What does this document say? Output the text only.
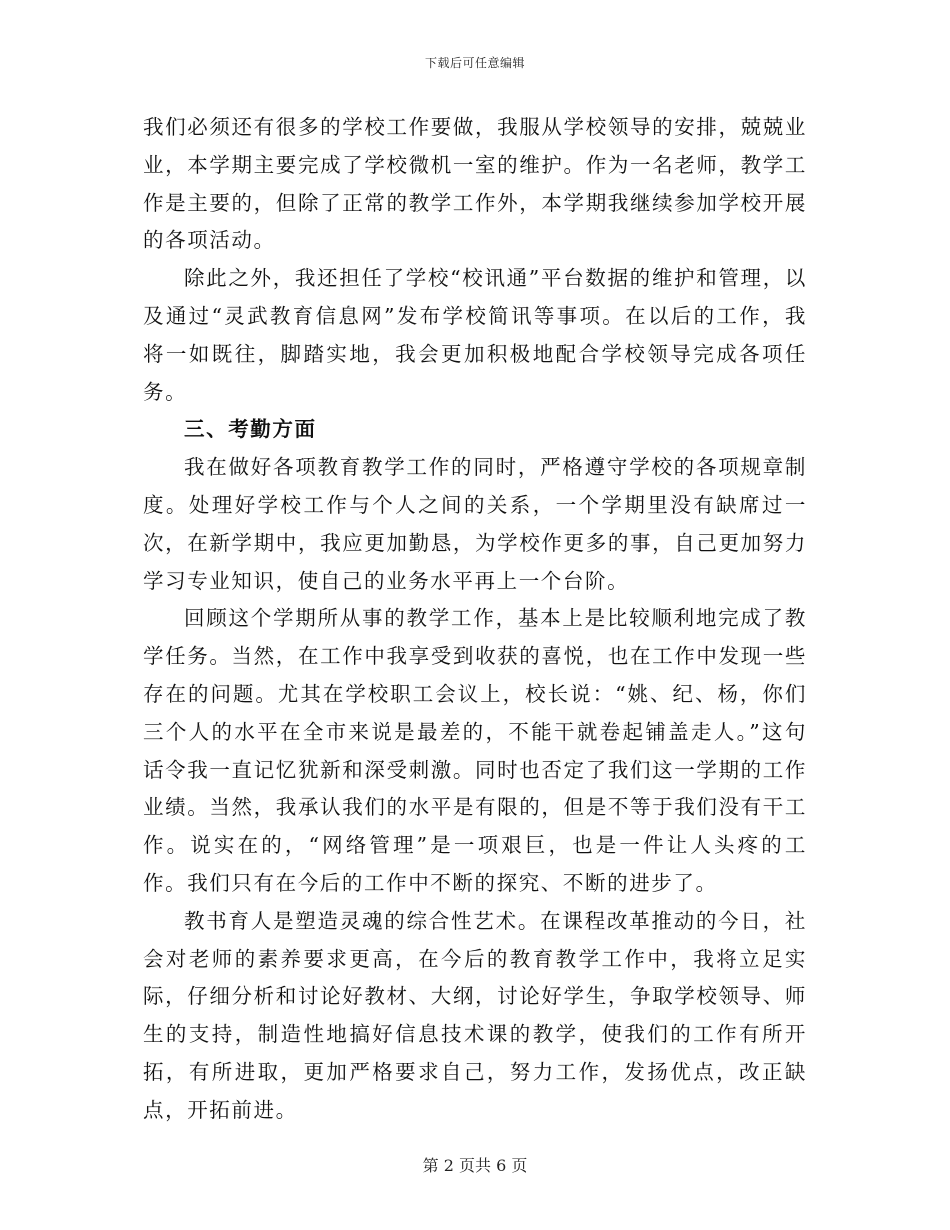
下载后可任意编辑

我们必须还有很多的学校工作要做，我服从学校领导的安排，兢兢业业，本学期主要完成了学校微机一室的维护。作为一名老师，教学工作是主要的，但除了正常的教学工作外，本学期我继续参加学校开展的各项活动。

除此之外，我还担任了学校“校讯通”平台数据的维护和管理，以及通过“灵武教育信息网”发布学校简讯等事项。在以后的工作，我将一如既往，脚踏实地，我会更加积极地配合学校领导完成各项任务。

三、考勤方面

我在做好各项教育教学工作的同时，严格遵守学校的各项规章制度。处理好学校工作与个人之间的关系，一个学期里没有缺席过一次，在新学期中，我应更加勤恳，为学校作更多的事，自己更加努力学习专业知识，使自己的业务水平再上一个台阶。

回顾这个学期所从事的教学工作，基本上是比较顺利地完成了教学任务。当然，在工作中我享受到收获的喜悦，也在工作中发现一些存在的问题。尤其在学校职工会议上，校长说：“姚、纪、杨，你们三个人的水平在全市来说是最差的，不能干就卷起铺盖走人。”这句话令我一直记忆犹新和深受刺激。同时也否定了我们这一学期的工作业绩。当然，我承认我们的水平是有限的，但是不等于我们没有干工作。说实在的，“网络管理”是一项艰巨，也是一件让人头疼的工作。我们只有在今后的工作中不断的探究、不断的进步了。

教书育人是塑造灵魂的综合性艺术。在课程改革推动的今日，社会对老师的素养要求更高，在今后的教育教学工作中，我将立足实际，仔细分析和讨论好教材、大纲，讨论好学生，争取学校领导、师生的支持，制造性地搞好信息技术课的教学，使我们的工作有所开拓，有所进取，更加严格要求自己，努力工作，发扬优点，改正缺点，开拓前进。

第 2 页共 6 页
